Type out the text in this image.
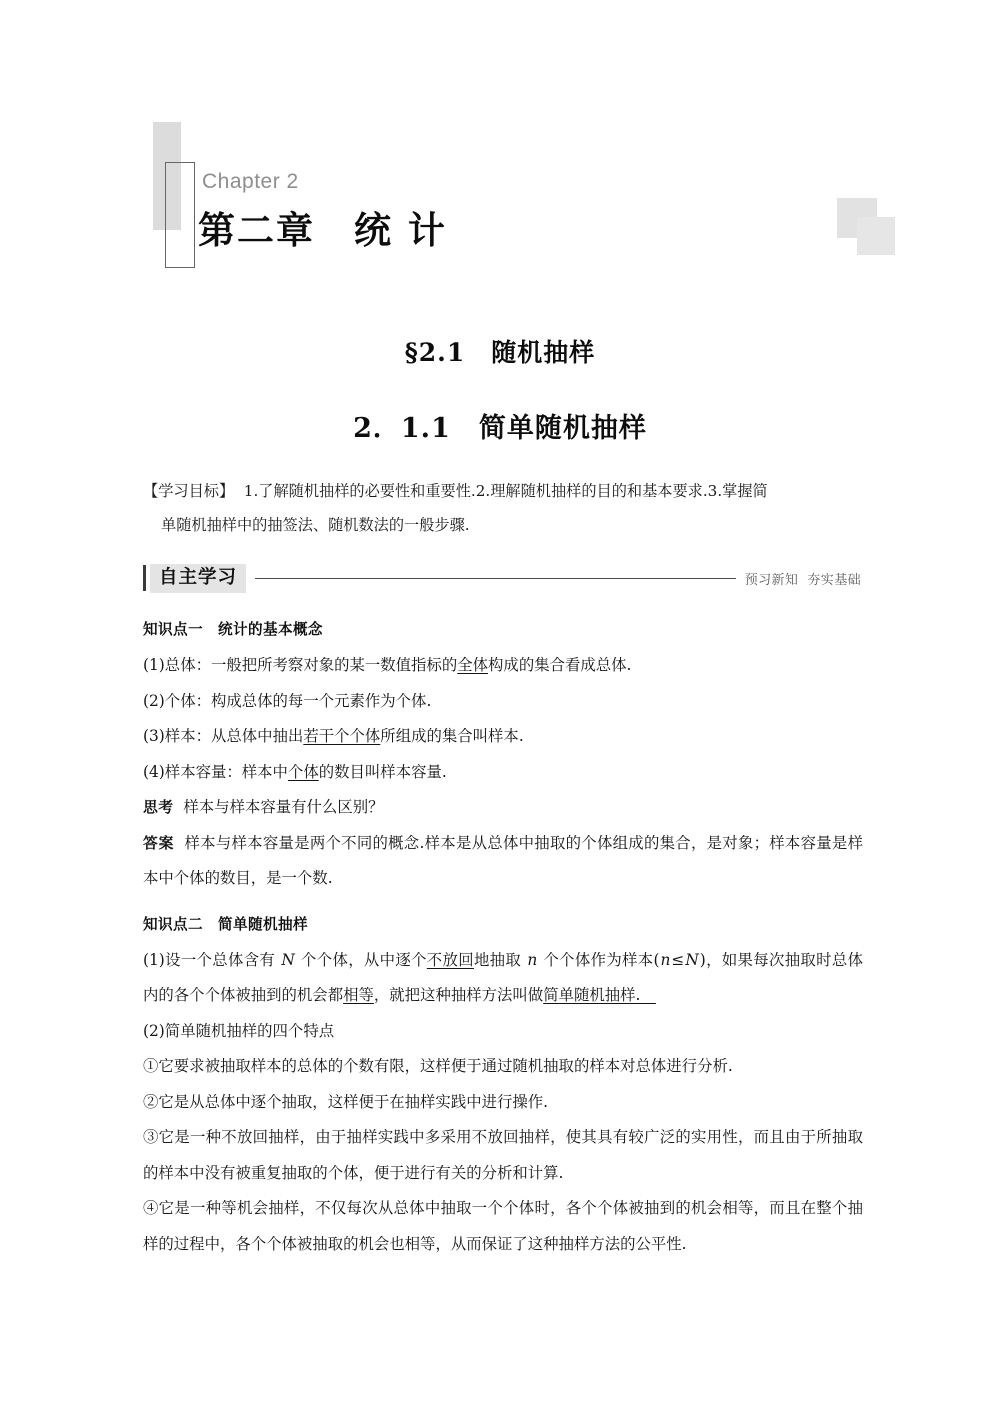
Chapter 2
第二章　统 计
§2.1　随机抽样
2．1.1　简单随机抽样
【学习目标】 1.了解随机抽样的必要性和重要性.2.理解随机抽样的目的和基本要求.3.掌握简
单随机抽样中的抽签法、随机数法的一般步骤.
自主学习	预习新知  夯实基础
知识点一　统计的基本概念

(1)总体：一般把所考察对象的某一数值指标的全体构成的集合看成总体.

(2)个体：构成总体的每一个元素作为个体.

(3)样本：从总体中抽出若干个个体所组成的集合叫样本.

(4)样本容量：样本中个体的数目叫样本容量.

思考 样本与样本容量有什么区别？

答案 样本与样本容量是两个不同的概念.样本是从总体中抽取的个体组成的集合，是对象；样本容量是样本中个体的数目，是一个数.

知识点二　简单随机抽样

(1)设一个总体含有 N 个个体，从中逐个不放回地抽取 n 个个体作为样本(n≤N)，如果每次抽取时总体内的各个个体被抽到的机会都相等，就把这种抽样方法叫做简单随机抽样.　

(2)简单随机抽样的四个特点

①它要求被抽取样本的总体的个数有限，这样便于通过随机抽取的样本对总体进行分析.

②它是从总体中逐个抽取，这样便于在抽样实践中进行操作.

③它是一种不放回抽样，由于抽样实践中多采用不放回抽样，使其具有较广泛的实用性，而且由于所抽取的样本中没有被重复抽取的个体，便于进行有关的分析和计算.

④它是一种等机会抽样，不仅每次从总体中抽取一个个体时，各个个体被抽到的机会相等，而且在整个抽样的过程中，各个个体被抽取的机会也相等，从而保证了这种抽样方法的公平性.
